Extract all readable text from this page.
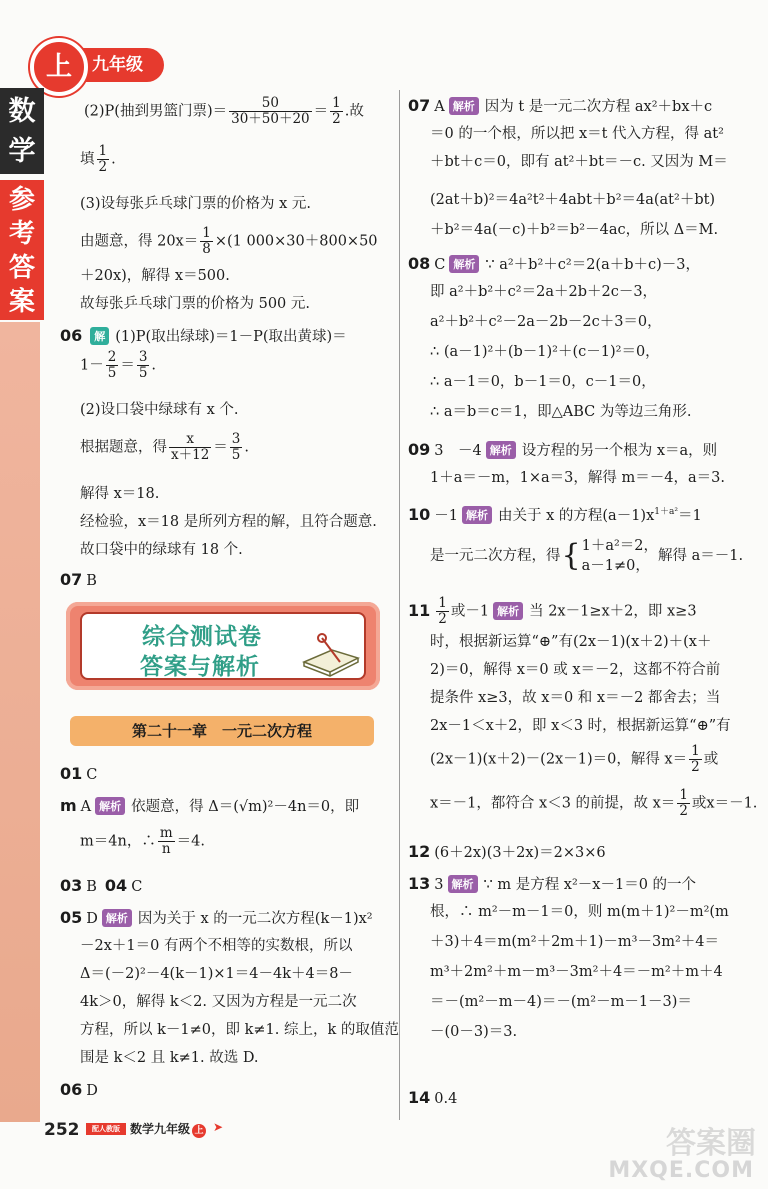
九年级
上
数学
参考答案
(2)P(抽到男篮门票)＝ $\frac{50}{30+50+20} = \frac{1}{2}$ .故
填 $\frac{1}{2}$ .
(3)设每张乒乓球门票的价格为 x 元.
由题意，得 $20x= \frac{1}{8} \times(1$ 000×30＋800×50
＋20x)，解得 x＝500.
故每张乒乓球门票的价格为 500 元.
06 解 (1)P(取出绿球)＝1－P(取出黄球)＝
$1- \frac{2}{5} = \frac{3}{5}$ .
(2)设口袋中绿球有 x 个.
根据题意，得 $\frac{x}{x+12} = \frac{3}{5}$ .
解得 x＝18.
经检验，x＝18 是所列方程的解，且符合题意.
故口袋中的绿球有 18 个.
07 B
01 C
m A 解析 依题意，得 Δ＝(√m)²－4n＝0，即
m＝4n，∴ $\frac{m}{n} =4$.
03 B 04 C
05 D 解析 因为关于 x 的一元二次方程(k－1)x²
－2x＋1＝0 有两个不相等的实数根，所以
Δ＝(－2)²－4(k－1)×1＝4－4k＋4＝8－
4k＞0，解得 k＜2. 又因为方程是一元二次
方程，所以 k－1≠0，即 k≠1. 综上，k 的取值范
围是 k＜2 且 k≠1. 故选 D.
06 D
综合测试卷
答案与解析
第二十一章　一元二次方程
07 A 解析 因为 t 是一元二次方程 ax²＋bx＋c
＝0 的一个根，所以把 x＝t 代入方程，得 at²
＋bt＋c＝0，即有 at²＋bt＝－c. 又因为 M＝
(2at＋b)²＝4a²t²＋4abt＋b²＝4a(at²＋bt)
＋b²＝4a(－c)＋b²＝b²－4ac，所以 Δ＝M.
08 C 解析 ∵ a²＋b²＋c²＝2(a＋b＋c)－3，
即 a²＋b²＋c²＝2a＋2b＋2c－3，
a²＋b²＋c²－2a－2b－2c＋3＝0，
∴ (a－1)²＋(b－1)²＋(c－1)²＝0，
∴ a－1＝0，b－1＝0，c－1＝0，
∴ a＝b＝c＝1，即△ABC 为等边三角形.
09 3　－4 解析 设方程的另一个根为 x＝a，则
1＋a＝－m，1×a＝3，解得 m＝－4，a＝3.
10 －1 解析 由关于 x 的方程$(a-1)x^{1+a^2}=1$
是一元二次方程，得{ 1＋a²＝2，
a－1≠0，
解得 a＝－1.
$11 \frac{1}{2}$ 或－1 解析 当 2x－1≥x＋2，即 x≥3
时，根据新运算“⊕”有(2x－1)(x＋2)＋(x＋
2)＝0，解得 x＝0 或 x＝－2，这都不符合前
提条件 x≥3，故 x＝0 和 x＝－2 都舍去；当
2x－1＜x＋2，即 x＜3 时，根据新运算“⊕”有
(2x－1)(x＋2)－(2x－1)＝0，解得 $x= \frac{1}{2}$ 或
x＝－1，都符合 x＜3 的前提，故 $x= \frac{1}{2}$ 或x＝－1.
12 (6＋2x)(3＋2x)＝2×3×6
13 3 解析 ∵ m 是方程 x²－x－1＝0 的一个
根，∴ m²－m－1＝0，则 m(m＋1)²－m²(m
＋3)＋4＝m(m²＋2m＋1)－m³－3m²＋4＝
m³＋2m²＋m－m³－3m²＋4＝－m²＋m＋4
＝－(m²－m－4)＝－(m²－m－1－3)＝
－(0－3)＝3.
14 0.4
252	配人教版 数学九年级 上 ➤	答案圈
MXQE.COM
